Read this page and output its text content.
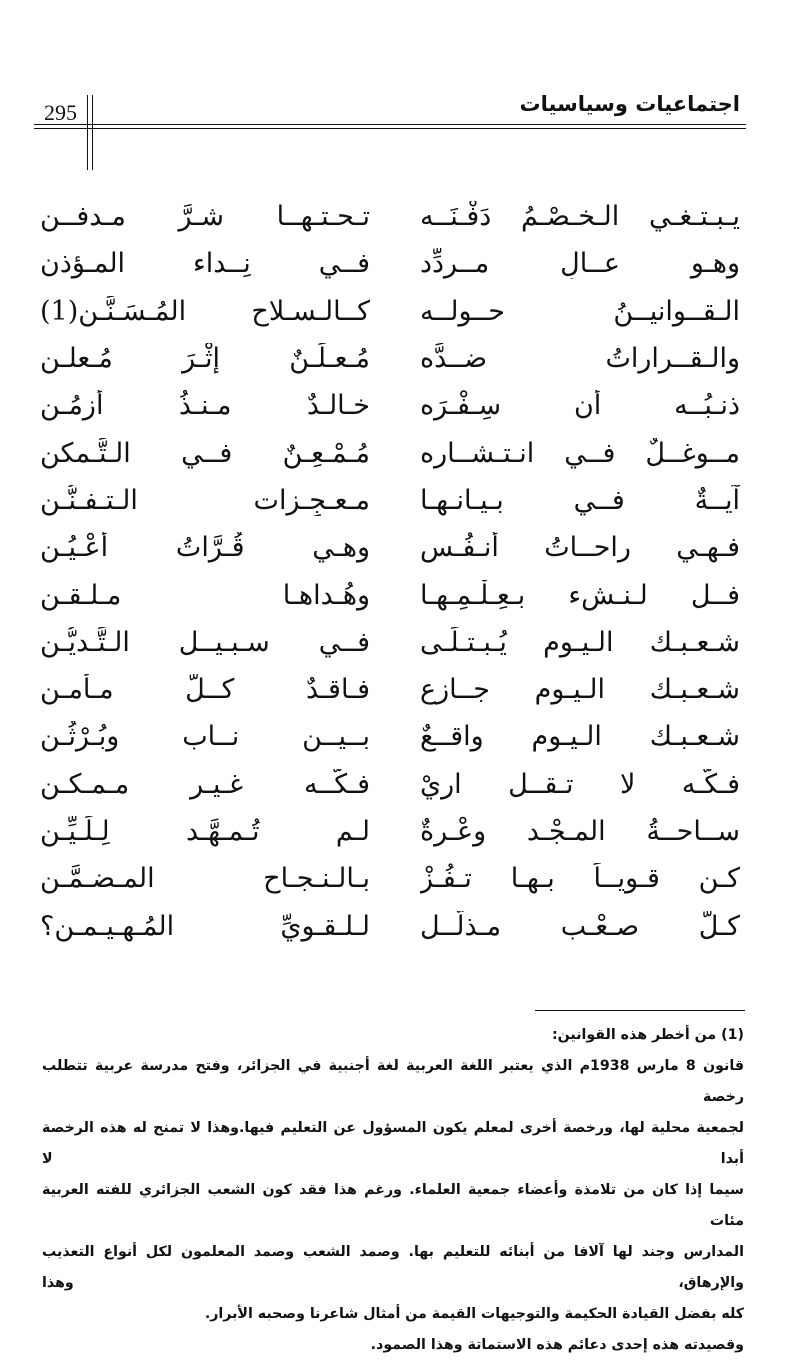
295	اجتماعيات وسياسيات
يـبـتـغـي الـخـصْـمُ دَفْـنَــه
تـحـتـهــا شـرَّ مـدفــن
وهـو عــالٍ مــردِّد
فــي نِــداء المـؤذن
الـقــوانيــنُ حــولــه
كــالـسـلاح المُـسَـنَّـن(1)
والـقــراراتُ ضــدَّه
مُـعـلَـنٌ إثْـرَ مُـعلـن
ذنـبُــه أن سِـفْـرَه
خـالـدٌ مـنـذُ أزمُـن
مــوغــلٌ فــي انـتـشــاره
مُـمْـعِـنٌ فــي الـتَّـمكن
آيــةٌ فــي بـيـانـهـا
مـعـجِـزات الـتـفـنُّـن
فـهـي راحــاتُ أنـفُـسٍ
وهـي قُـرَّاتُ أعْـيُـن
فــل لـنـشء بـعِـلْـمِـهـا
وهُـداهـا مـلـقـن
شـعـبـك الـيـوم يُـبـتـلَـى
فــي سـبـيــل الـتَّـديُّـن
شـعـبـك الـيـوم جــازع
فـاقـدٌ كــلَّ مـأمـن
شـعـبـك الـيـوم واقــعٌ
بــيــن نــاب وبُـرْثُـن
فـكَّـه لا تـقــل اريْ
فـكَّــه غـيـر مـمـكـن
ســاحــةُ المـجْـد وعْـرةٌ
لـم تُـمـهَّـد لِـلَـيِّـن
كـن قـويــاً بـهـا تـفُـزْ
بـالـنـجـاح المـضـمَّـن
كـلُّ صـعْـب مـذلَّــل
لـلـقـويِّ المُـهـيـمـن؟

(1) من أخطر هذه القوانين:

قانون 8 مارس 1938م الذي يعتبر اللغة العربية لغة أجنبية في الجزائر، وفتح مدرسة عربية تتطلب رخصة

لجمعية محلية لها، ورخصة أخرى لمعلم يكون المسؤول عن التعليم فيها.وهذا لا تمنح له هذه الرخصة أبدا لا

سيما إذا كان من تلامذة وأعضاء جمعية العلماء. ورغم هذا فقد كون الشعب الجزائري للفته العربية مئات

المدارس وجند لها آلافا من أبنائه للتعليم بها. وصمد الشعب وصمد المعلمون لكل أنواع التعذيب والإرهاق، وهذا

كله بفضل القيادة الحكيمة والتوجيهات القيمة من أمثال شاعرنا وصحبه الأبرار.

وقصيدته هذه إحدى دعائم هذه الاستماتة وهذا الصمود.
